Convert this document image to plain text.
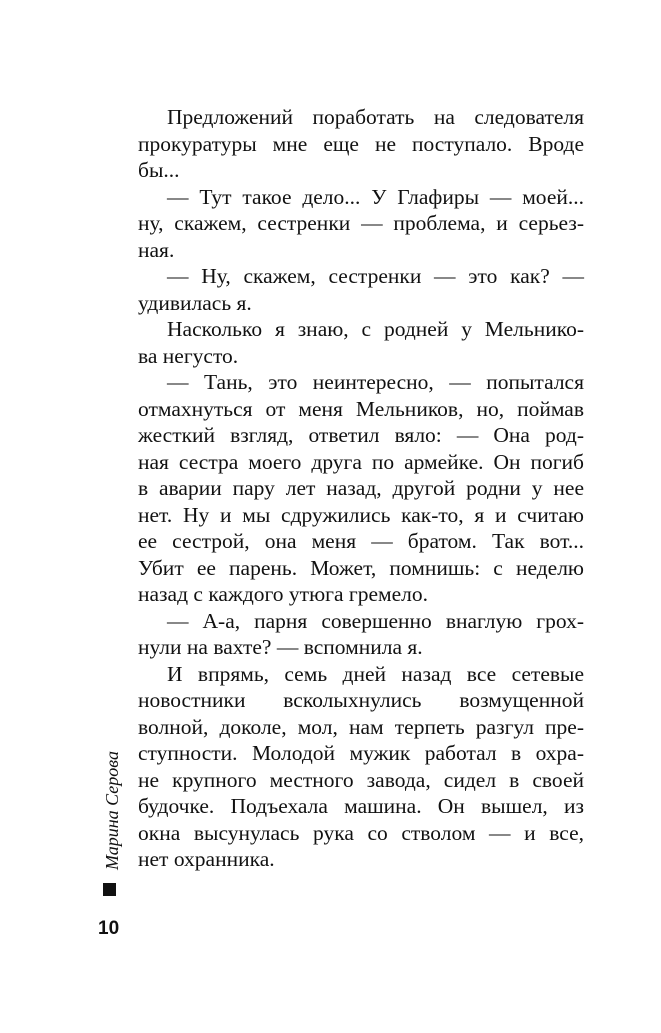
Предложений поработать на следователя
прокуратуры мне еще не поступало. Вроде
бы...

— Тут такое дело... У Глафиры — моей...
ну, скажем, сестренки — проблема, и серьез-
ная.

— Ну, скажем, сестренки — это как? —
удивилась я.

Насколько я знаю, с родней у Мельнико-
ва негусто.

— Тань, это неинтересно, — попытался
отмахнуться от меня Мельников, но, поймав
жесткий взгляд, ответил вяло: — Она род-
ная сестра моего друга по армейке. Он погиб
в аварии пару лет назад, другой родни у нее
нет. Ну и мы сдружились как-то, я и считаю
ее сестрой, она меня — братом. Так вот...
Убит ее парень. Может, помнишь: с неделю
назад с каждого утюга гремело.

— А-а, парня совершенно внаглую грох-
нули на вахте? — вспомнила я.

И впрямь, семь дней назад все сетевые
новостники всколыхнулись возмущенной
волной, доколе, мол, нам терпеть разгул пре-
ступности. Молодой мужик работал в охра-
не крупного местного завода, сидел в своей
будочке. Подъехала машина. Он вышел, из
окна высунулась рука со стволом — и все,
нет охранника.

Марина Серова
10
